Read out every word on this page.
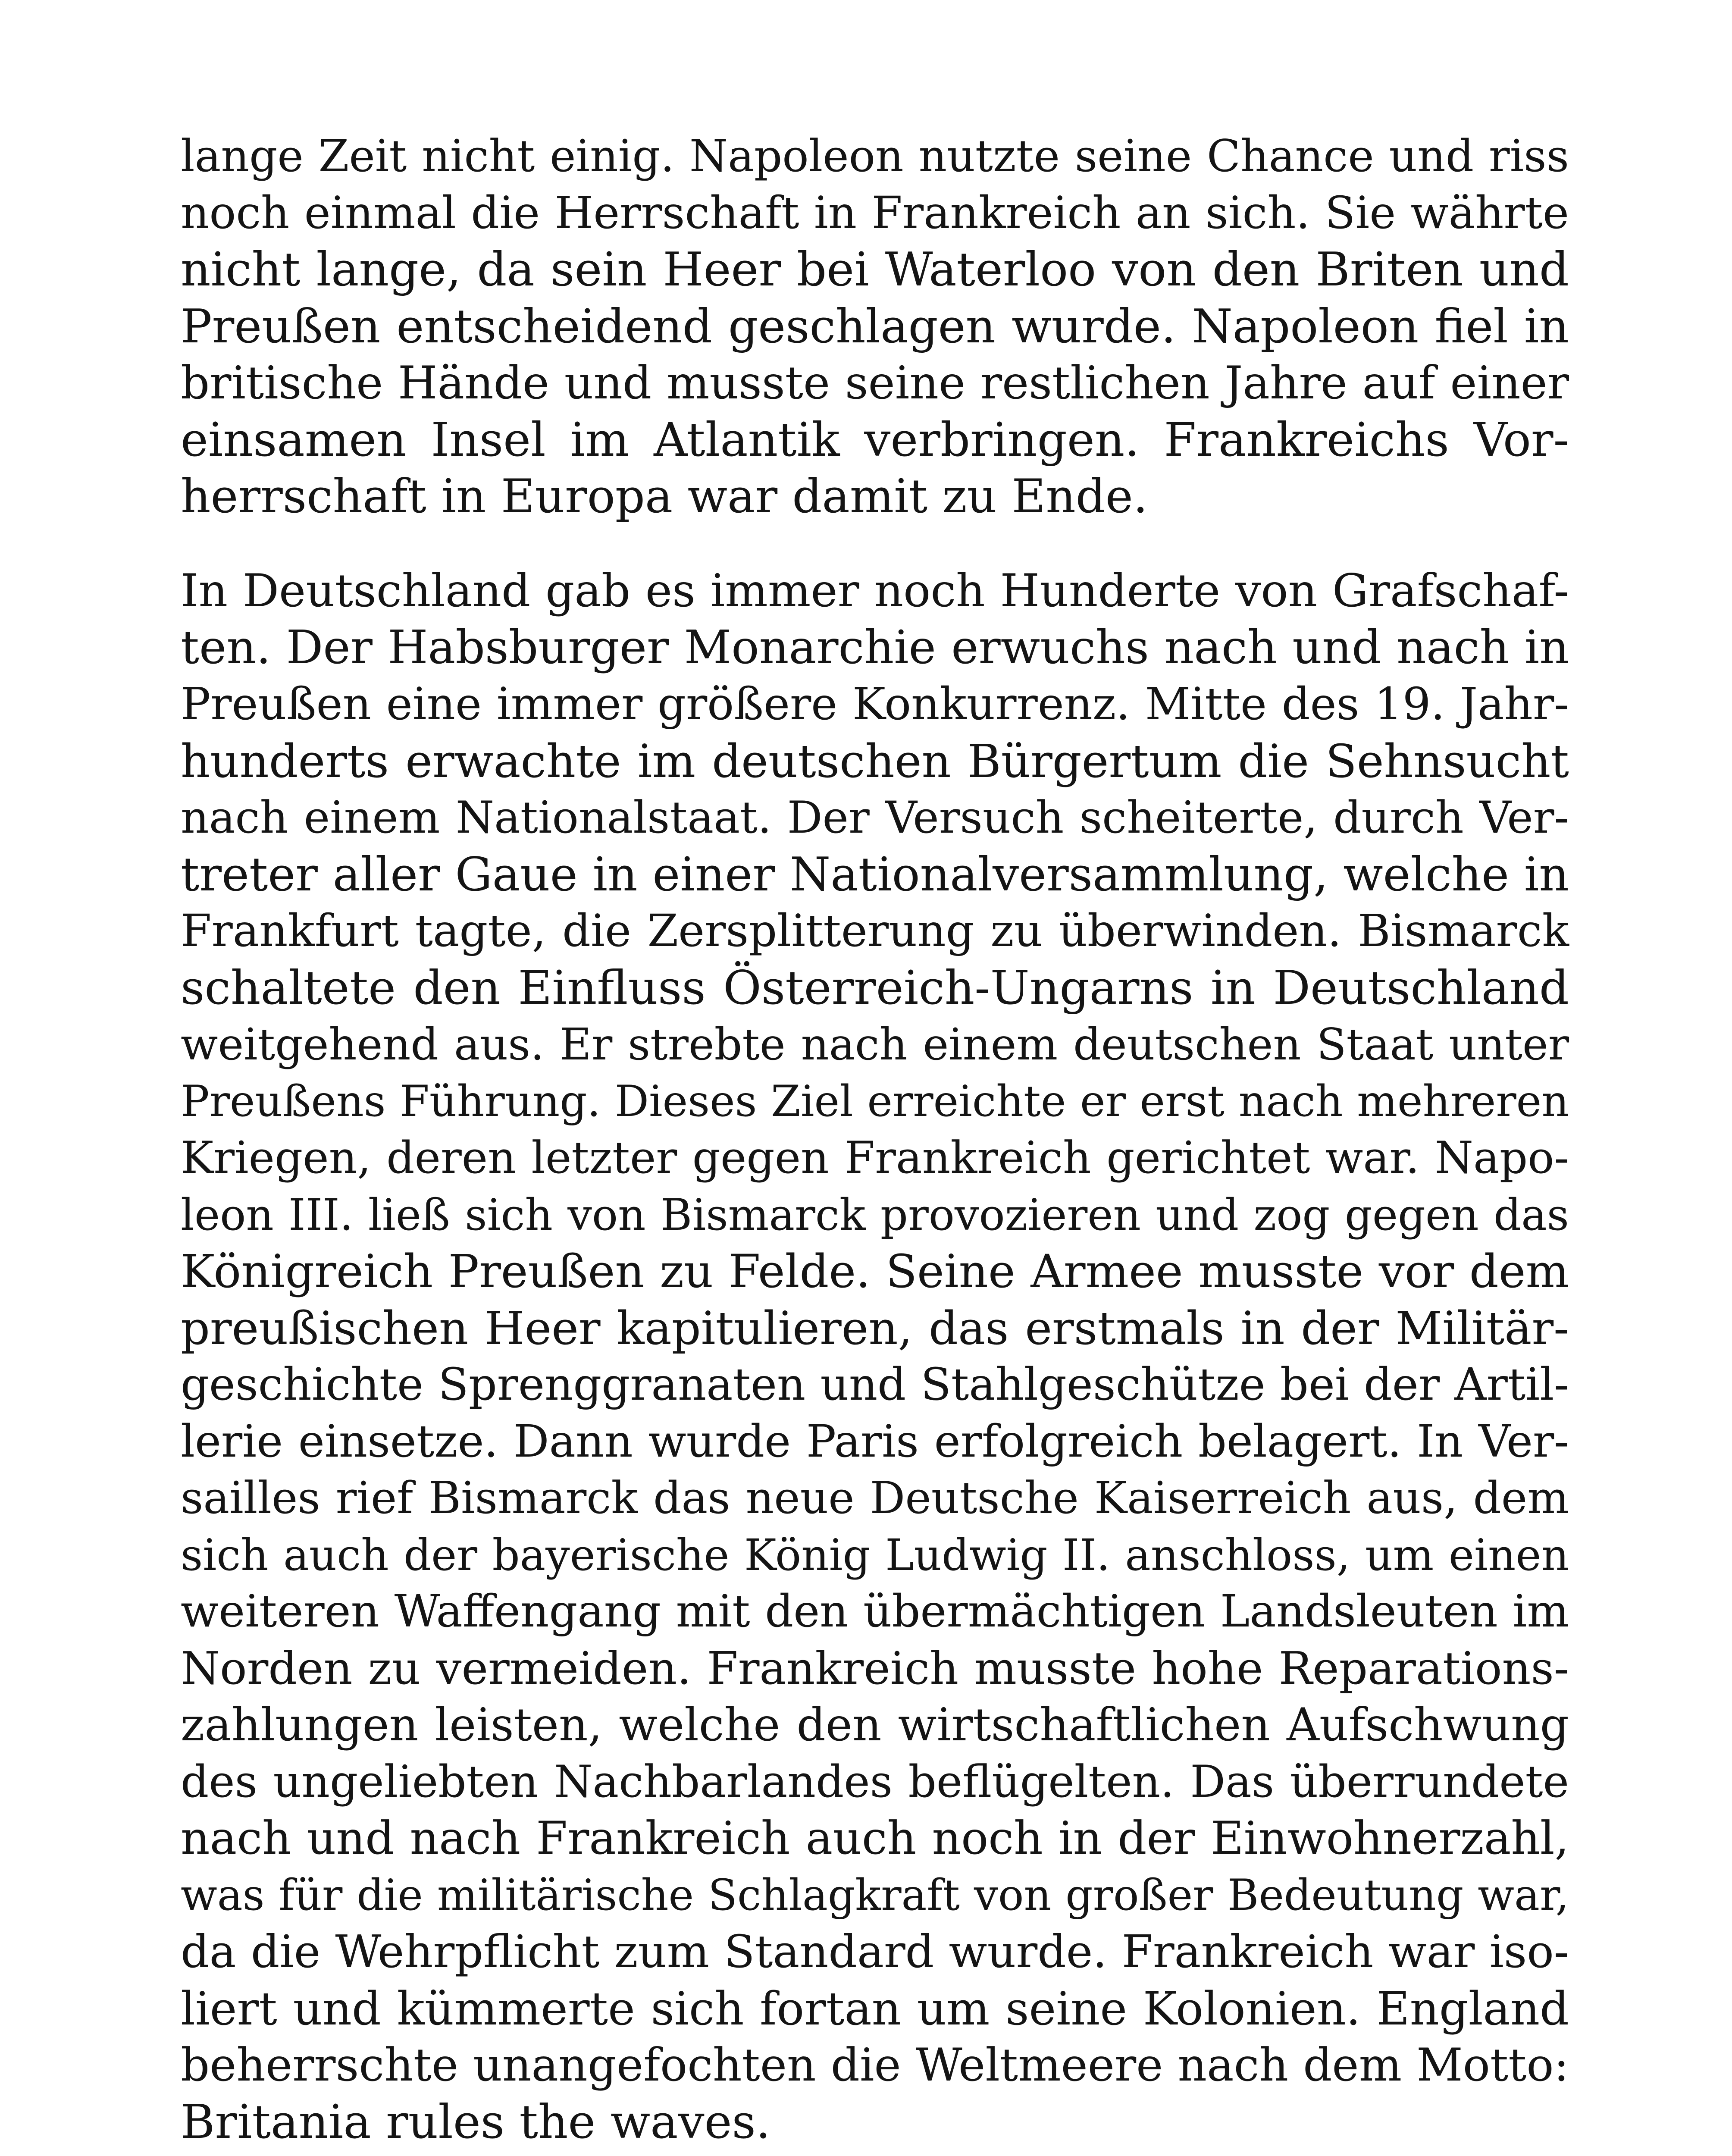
lange Zeit nicht einig. Napoleon nutzte seine Chance und riss
noch einmal die Herrschaft in Frankreich an sich. Sie währte
nicht lange, da sein Heer bei Waterloo von den Briten und
Preußen entscheidend geschlagen wurde. Napoleon fiel in
britische Hände und musste seine restlichen Jahre auf einer
einsamen Insel im Atlantik verbringen. Frankreichs Vor-
herrschaft in Europa war damit zu Ende.
In Deutschland gab es immer noch Hunderte von Grafschaf-
ten. Der Habsburger Monarchie erwuchs nach und nach in
Preußen eine immer größere Konkurrenz. Mitte des 19. Jahr-
hunderts erwachte im deutschen Bürgertum die Sehnsucht
nach einem Nationalstaat. Der Versuch scheiterte, durch Ver-
treter aller Gaue in einer Nationalversammlung, welche in
Frankfurt tagte, die Zersplitterung zu überwinden. Bismarck
schaltete den Einfluss Österreich-Ungarns in Deutschland
weitgehend aus. Er strebte nach einem deutschen Staat unter
Preußens Führung. Dieses Ziel erreichte er erst nach mehreren
Kriegen, deren letzter gegen Frankreich gerichtet war. Napo-
leon III. ließ sich von Bismarck provozieren und zog gegen das
Königreich Preußen zu Felde. Seine Armee musste vor dem
preußischen Heer kapitulieren, das erstmals in der Militär-
geschichte Sprenggranaten und Stahlgeschütze bei der Artil-
lerie einsetze. Dann wurde Paris erfolgreich belagert. In Ver-
sailles rief Bismarck das neue Deutsche Kaiserreich aus, dem
sich auch der bayerische König Ludwig II. anschloss, um einen
weiteren Waffengang mit den übermächtigen Landsleuten im
Norden zu vermeiden. Frankreich musste hohe Reparations-
zahlungen leisten, welche den wirtschaftlichen Aufschwung
des ungeliebten Nachbarlandes beflügelten. Das überrundete
nach und nach Frankreich auch noch in der Einwohnerzahl,
was für die militärische Schlagkraft von großer Bedeutung war,
da die Wehrpflicht zum Standard wurde. Frankreich war iso-
liert und kümmerte sich fortan um seine Kolonien. England
beherrschte unangefochten die Weltmeere nach dem Motto:
Britania rules the waves.
